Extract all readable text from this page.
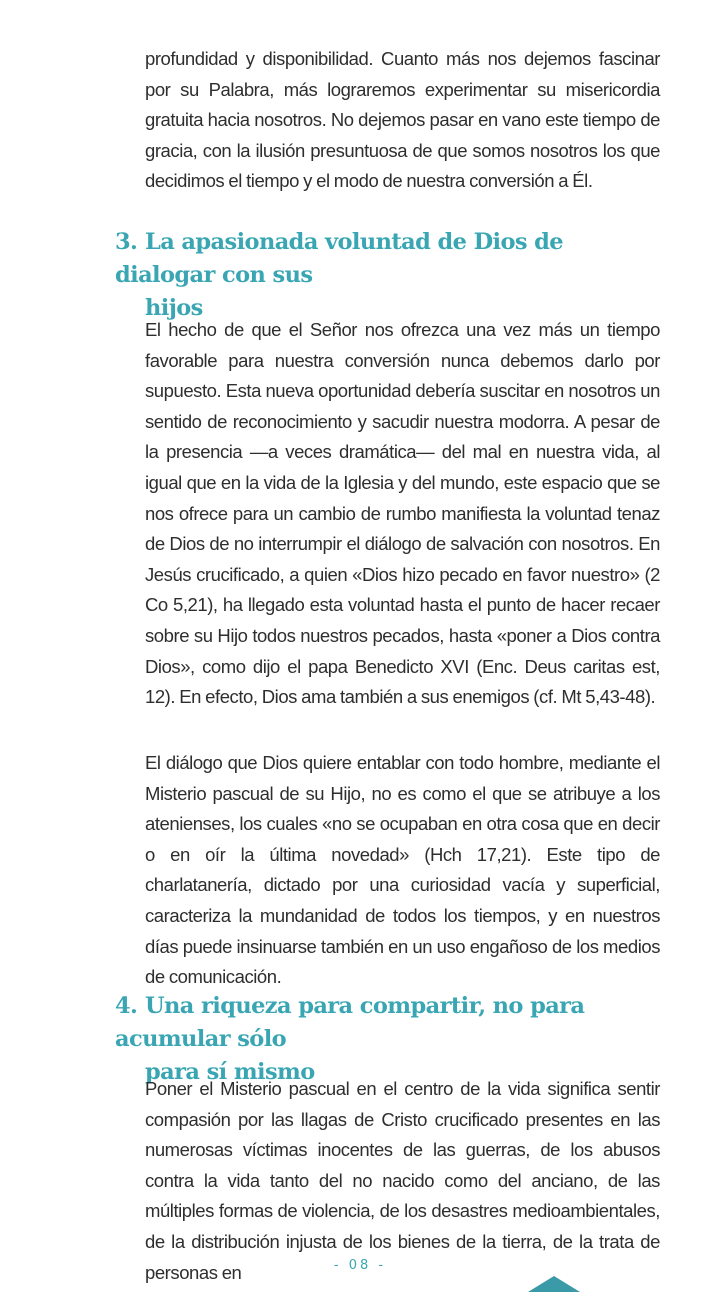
profundidad y disponibilidad. Cuanto más nos dejemos fascinar por su Palabra, más lograremos experimentar su misericordia gratuita hacia nosotros. No dejemos pasar en vano este tiempo de gracia, con la ilusión presuntuosa de que somos nosotros los que decidimos el tiempo y el modo de nuestra conversión a Él.

3. La apasionada voluntad de Dios de dialogar con sus
hijos

El hecho de que el Señor nos ofrezca una vez más un tiempo favorable para nuestra conversión nunca debemos darlo por supuesto. Esta nueva oportunidad debería suscitar en nosotros un sentido de reconocimiento y sacudir nuestra modorra. A pesar de la presencia —a veces dramática— del mal en nuestra vida, al igual que en la vida de la Iglesia y del mundo, este espacio que se nos ofrece para un cambio de rumbo manifiesta la voluntad tenaz de Dios de no interrumpir el diálogo de salvación con nosotros. En Jesús crucificado, a quien «Dios hizo pecado en favor nuestro» (2 Co 5,21), ha llegado esta voluntad hasta el punto de hacer recaer sobre su Hijo todos nuestros pecados, hasta «poner a Dios contra Dios», como dijo el papa Benedicto XVI (Enc. Deus caritas est, 12). En efecto, Dios ama también a sus enemigos (cf. Mt 5,43-48).

El diálogo que Dios quiere entablar con todo hombre, mediante el Misterio pascual de su Hijo, no es como el que se atribuye a los atenienses, los cuales «no se ocupaban en otra cosa que en decir o en oír la última novedad» (Hch 17,21). Este tipo de charlatanería, dictado por una curiosidad vacía y superficial, caracteriza la mundanidad de todos los tiempos, y en nuestros días puede insinuarse también en un uso engañoso de los medios de comunicación.

4. Una riqueza para compartir, no para acumular sólo
para sí mismo

Poner el Misterio pascual en el centro de la vida significa sentir compasión por las llagas de Cristo crucificado presentes en las numerosas víctimas inocentes de las guerras, de los abusos contra la vida tanto del no nacido como del anciano, de las múltiples formas de violencia, de los desastres medioambientales, de la distribución injusta de los bienes de la tierra, de la trata de personas en	- 08 -
